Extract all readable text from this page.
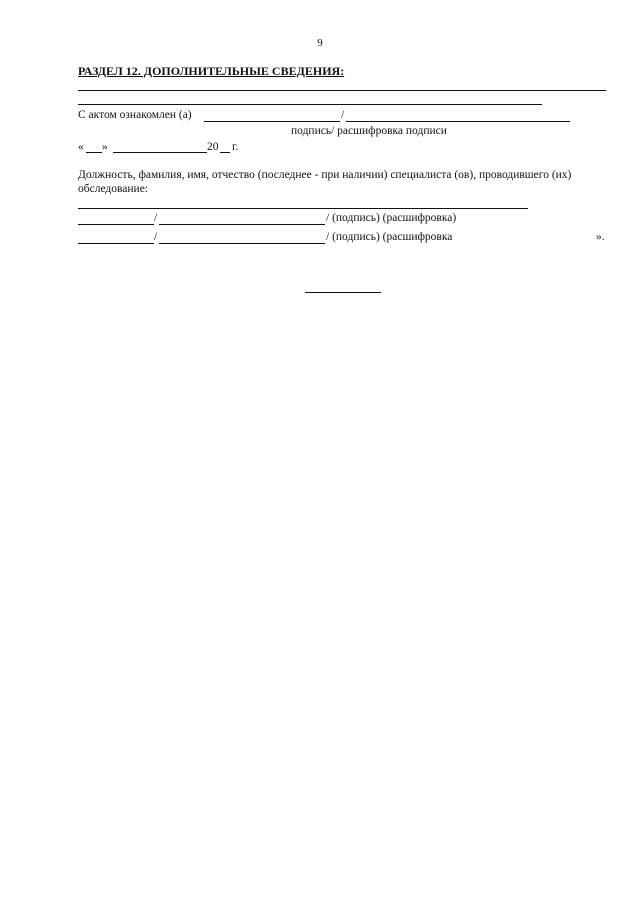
9
РАЗДЕЛ 12. ДОПОЛНИТЕЛЬНЫЕ СВЕДЕНИЯ:
С актом ознакомлен (а)	/
подпись/ расшифровка подписи
« »	20 г.
Должность, фамилия, имя, отчество (последнее - при наличии) специалиста (ов), проводившего (их) обследование:
/	/ (подпись) (расшифровка)
/	/ (подпись) (расшифровка	».
